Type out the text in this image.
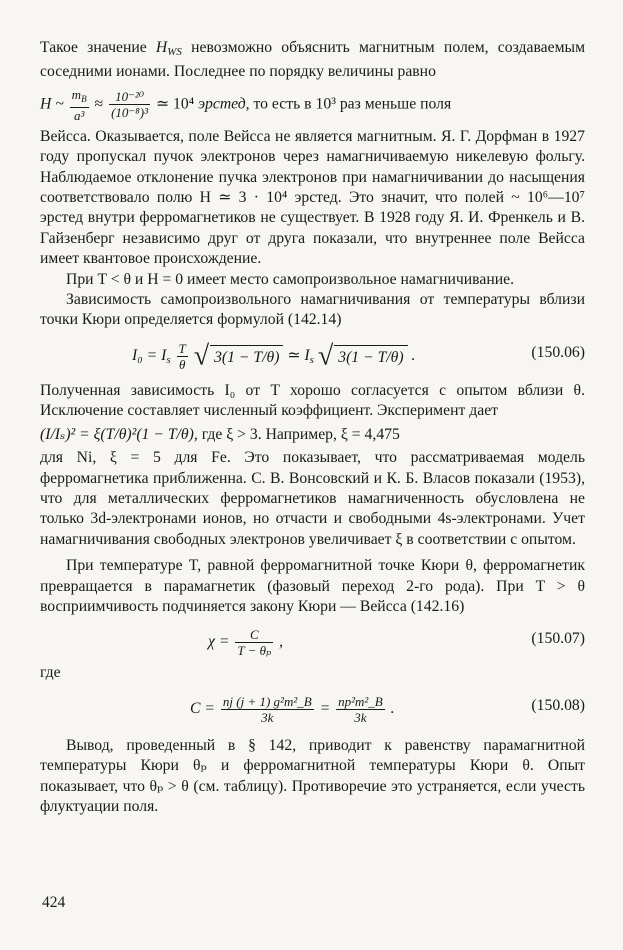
Такое значение $H_{WS}$ невозможно объяснить магнитным полем, создаваемым соседними ионами. Последнее по порядку величины равно

H ~ $\frac{m_B}{\text{a³}} \approx \frac{\text{10⁻²⁰}}{\text{(10⁻⁸)³}}$ ≃ 10⁴ эрстед, то есть в 10³ раз меньше поля

Вейсса. Оказывается, поле Вейсса не является магнитным. Я. Г. Дорфман в 1927 году пропускал пучок электронов через намагничиваемую никелевую фольгу. Наблюдаемое отклонение пучка электронов при намагничивании до насыщения соответствовало полю H ≃ 3 · 10⁴ эрстед. Это значит, что полей ~ 10⁶—10⁷ эрстед внутри ферромагнетиков не существует. В 1928 году Я. И. Френкель и В. Гайзенберг независимо друг от друга показали, что внутреннее поле Вейсса имеет квантовое происхождение.

При T < θ и H = 0 имеет место самопроизвольное намагничивание.

Зависимость самопроизвольного намагничивания от температуры вблизи точки Кюри определяется формулой (142.14)

$I_0 = I_s \frac{T}{\theta}$ √ 3(1 − T/θ) ≃ $I_s$ √ 3(1 − T/θ) .	(150.06)

Полученная зависимость I₀ от T хорошо согласуется с опытом вблизи θ. Исключение составляет численный коэффициент. Эксперимент дает

(I/Iₛ)² = ξ(T/θ)²(1 − T/θ), где ξ > 3. Например, ξ = 4,475

для Ni, ξ = 5 для Fe. Это показывает, что рассматриваемая модель ферромагнетика приближенна. С. В. Вонсовский и К. Б. Власов показали (1953), что для металлических ферромагнетиков намагниченность обусловлена не только 3d-электронами ионов, но отчасти и свободными 4s-электронами. Учет намагничивания свободных электронов увеличивает ξ в соответствии с опытом.

При температуре T, равной ферромагнитной точке Кюри θ, ферромагнетик превращается в парамагнетик (фазовый переход 2-го рода). При T > θ восприимчивость подчиняется закону Кюри — Вейсса (142.16)

$\chi = \frac{C}{\text{T − θₚ}}$ ,	(150.07)

где

$C = \frac{\text{nj (j + 1) g²m²\_B}}{3k} = \frac{\text{np²m²\_B}}{3k}$ .	(150.08)

Вывод, проведенный в § 142, приводит к равенству парамагнитной температуры Кюри θₚ и ферромагнитной температуры Кюри θ. Опыт показывает, что θₚ > θ (см. таблицу). Противоречие это устраняется, если учесть флуктуации поля.

424
